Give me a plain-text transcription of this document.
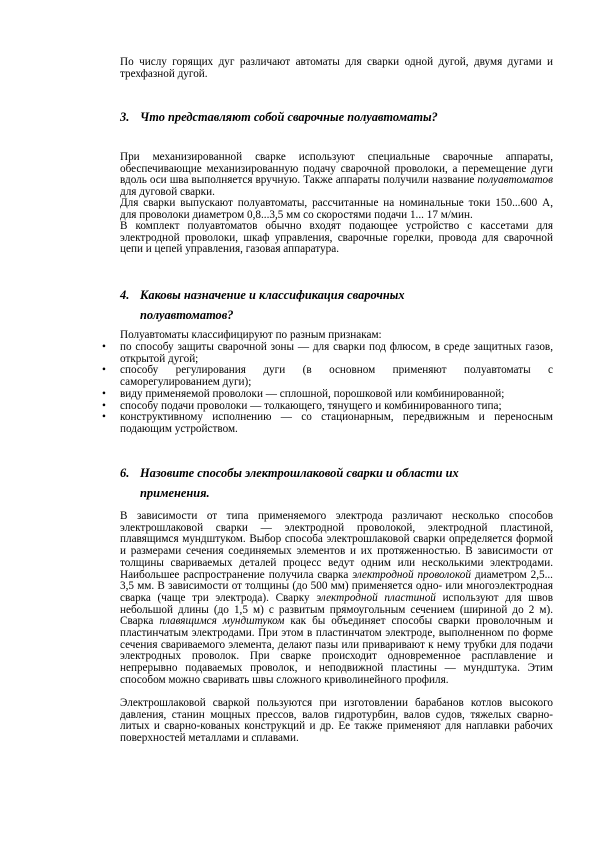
По числу горящих дуг различают автоматы для сварки одной дугой, двумя дугами и трехфазной дугой.

3. Что представляют собой сварочные полуавтоматы?

При механизированной сварке используют специальные сварочные аппараты, обеспечивающие механизированную подачу сварочной проволоки, а перемещение дуги вдоль оси шва выполняется вручную. Также аппараты получили название полуавтоматов для дуговой сварки.

Для сварки выпускают полуавтоматы, рассчитанные на номинальные токи 150...600 А, для проволоки диаметром 0,8...3,5 мм со скоростями подачи 1... 17 м/мин.

В комплект полуавтоматов обычно входят подающее устройство с кассетами для электродной проволоки, шкаф управления, сварочные горелки, провода для сварочной цепи и цепей управления, газовая аппаратура.

4. Каковы назначение и классификация сварочных
полуавтоматов?

Полуавтоматы классифицируют по разным признакам:

•	по способу защиты сварочной зоны — для сварки под флюсом, в среде защитных газов, открытой дугой;
•	способу регулирования дуги (в основном применяют полуавтоматы с саморегулированием дуги);
•	виду применяемой проволоки — сплошной, порошковой или комбинированной;
•	способу подачи проволоки — толкающего, тянущего и комбинированного типа;
•	конструктивному исполнению — со стационарным, передвижным и переносным подающим устройством.
6. Назовите способы электрошлаковой сварки и области их
применения.

В зависимости от типа применяемого электрода различают несколько способов электрошлаковой сварки — электродной проволокой, электродной пластиной, плавящимся мундштуком. Выбор способа электрошлаковой сварки определяется формой и размерами сечения соединяемых элементов и их протяженностью. В зависимости от толщины свариваемых деталей процесс ведут одним или несколькими электродами. Наибольшее распространение получила сварка электродной проволокой диаметром 2,5... 3,5 мм. В зависимости от толщины (до 500 мм) применяется одно- или многоэлектродная сварка (чаще три электрода). Сварку электродной пластиной используют для швов небольшой длины (до 1,5 м) с развитым прямоугольным сечением (шириной до 2 м). Сварка плавящимся мундштуком как бы объединяет способы сварки проволочным и пластинчатым электродами. При этом в пластинчатом электроде, выполненном по форме сечения свариваемого элемента, делают пазы или приваривают к нему трубки для подачи электродных проволок. При сварке происходит одновременное расплавление и непрерывно подаваемых проволок, и неподвижной пластины — мундштука. Этим способом можно сваривать швы сложного криволинейного профиля.

Электрошлаковой сваркой пользуются при изготовлении барабанов котлов высокого давления, станин мощных прессов, валов гидротурбин, валов судов, тяжелых сварно-литых и сварно-кованых конструкций и др. Ее также применяют для наплавки рабочих поверхностей металлами и сплавами.
